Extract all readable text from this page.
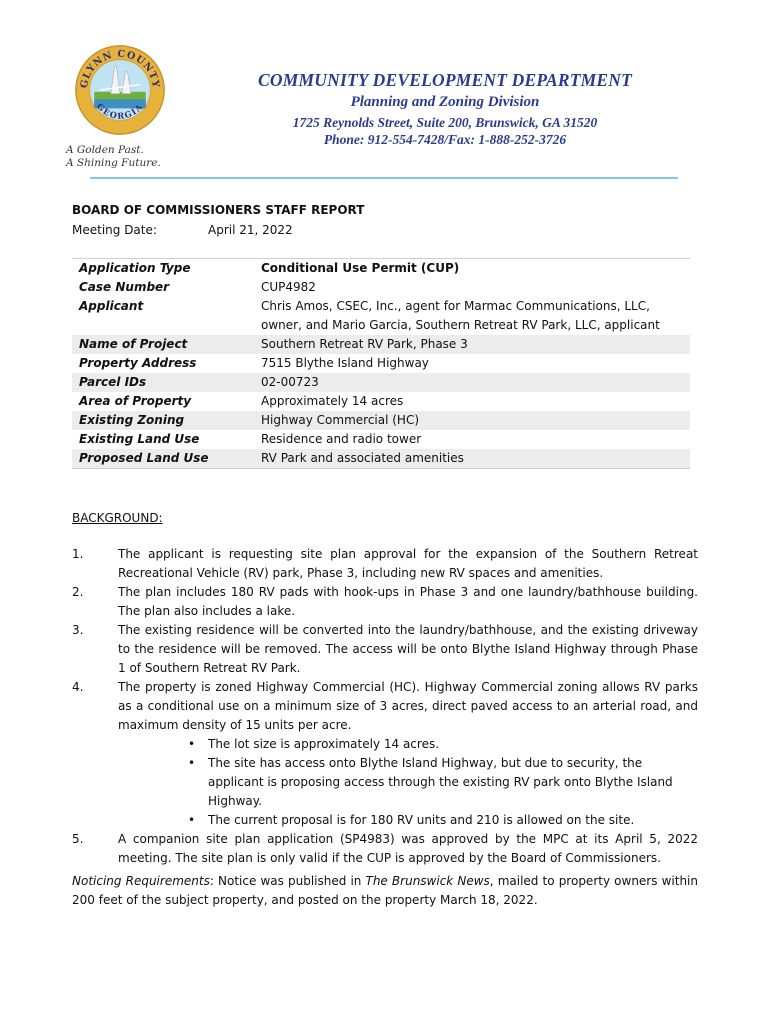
GLYNN COUNTY
GEORGIA
A Golden Past.
A Shining Future.
COMMUNITY DEVELOPMENT DEPARTMENT
Planning and Zoning Division
1725 Reynolds Street, Suite 200, Brunswick, GA 31520
Phone: 912-554-7428/Fax: 1-888-252-3726
BOARD OF COMMISSIONERS STAFF REPORT
Meeting Date:	April 21, 2022
Application Type	Conditional Use Permit (CUP)
Case Number	CUP4982
Applicant	Chris Amos, CSEC, Inc., agent for Marmac Communications, LLC, owner, and Mario Garcia, Southern Retreat RV Park, LLC, applicant
Name of Project	Southern Retreat RV Park, Phase 3
Property Address	7515 Blythe Island Highway
Parcel IDs	02-00723
Area of Property	Approximately 14 acres
Existing Zoning	Highway Commercial (HC)
Existing Land Use	Residence and radio tower
Proposed Land Use	RV Park and associated amenities
BACKGROUND:
1.	The applicant is requesting site plan approval for the expansion of the Southern Retreat Recreational Vehicle (RV) park, Phase 3, including new RV spaces and amenities.
2.	The plan includes 180 RV pads with hook-ups in Phase 3 and one laundry/bathhouse building. The plan also includes a lake.
3.	The existing residence will be converted into the laundry/bathhouse, and the existing driveway to the residence will be removed. The access will be onto Blythe Island Highway through Phase 1 of Southern Retreat RV Park.
4.	The property is zoned Highway Commercial (HC). Highway Commercial zoning allows RV parks as a conditional use on a minimum size of 3 acres, direct paved access to an arterial road, and maximum density of 15 units per acre.
• The lot size is approximately 14 acres.
• The site has access onto Blythe Island Highway, but due to security, the applicant is proposing access through the existing RV park onto Blythe Island Highway.
• The current proposal is for 180 RV units and 210 is allowed on the site.
5.	A companion site plan application (SP4983) was approved by the MPC at its April 5, 2022 meeting. The site plan is only valid if the CUP is approved by the Board of Commissioners.
Noticing Requirements: Notice was published in The Brunswick News, mailed to property owners within 200 feet of the subject property, and posted on the property March 18, 2022.
